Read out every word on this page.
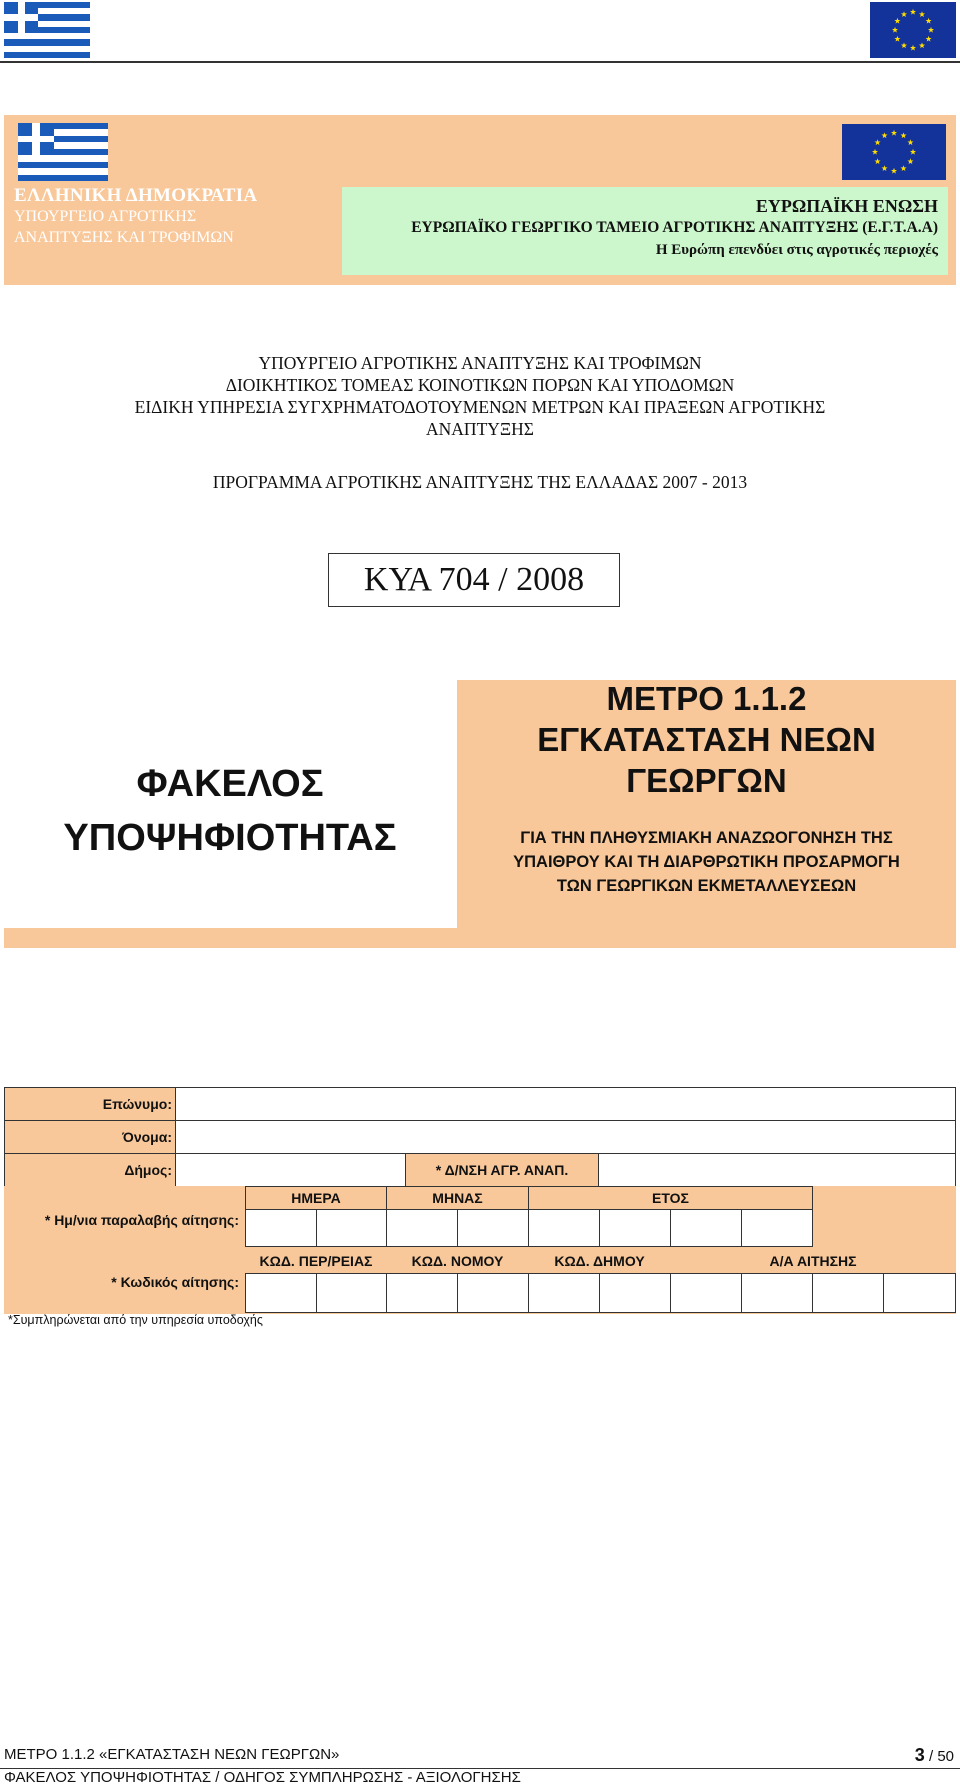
ΕΛΛΗΝΙΚΗ ΔΗΜΟΚΡΑΤΙΑ
ΥΠΟΥΡΓΕΙΟ ΑΓΡΟΤΙΚΗΣ
ΑΝΑΠΤΥΞΗΣ ΚΑΙ ΤΡΟΦΙΜΩΝ
ΕΥΡΩΠΑΪΚΗ ΕΝΩΣΗ
ΕΥΡΩΠΑΪΚΟ ΓΕΩΡΓΙΚΟ ΤΑΜΕΙΟ ΑΓΡΟΤΙΚΗΣ ΑΝΑΠΤΥΞΗΣ (Ε.Γ.Τ.Α.Α)
Η Ευρώπη επενδύει στις αγροτικές περιοχές
ΥΠΟΥΡΓΕΙΟ ΑΓΡΟΤΙΚΗΣ ΑΝΑΠΤΥΞΗΣ ΚΑΙ ΤΡΟΦΙΜΩΝ
ΔΙΟΙΚΗΤΙΚΟΣ ΤΟΜΕΑΣ ΚΟΙΝΟΤΙΚΩΝ ΠΟΡΩΝ ΚΑΙ ΥΠΟΔΟΜΩΝ
ΕΙΔΙΚΗ ΥΠΗΡΕΣΙΑ ΣΥΓΧΡΗΜΑΤΟΔΟΤΟΥΜΕΝΩΝ ΜΕΤΡΩΝ ΚΑΙ ΠΡΑΞΕΩΝ ΑΓΡΟΤΙΚΗΣ
ΑΝΑΠΤΥΞΗΣ
ΠΡΟΓΡΑΜΜΑ ΑΓΡΟΤΙΚΗΣ ΑΝΑΠΤΥΞΗΣ ΤΗΣ ΕΛΛΑΔΑΣ 2007 - 2013
ΚΥΑ 704 / 2008
ΦΑΚΕΛΟΣ
ΥΠΟΨΗΦΙΟΤΗΤΑΣ
ΜΕΤΡΟ 1.1.2
ΕΓΚΑΤΑΣΤΑΣΗ ΝΕΩΝ
ΓΕΩΡΓΩΝ
ΓΙΑ ΤΗΝ ΠΛΗΘΥΣΜΙΑΚΗ ΑΝΑΖΩΟΓΟΝΗΣΗ ΤΗΣ
ΥΠΑΙΘΡΟΥ ΚΑΙ ΤΗ ΔΙΑΡΘΡΩΤΙΚΗ ΠΡΟΣΑΡΜΟΓΗ
ΤΩΝ ΓΕΩΡΓΙΚΩΝ ΕΚΜΕΤΑΛΛΕΥΣΕΩΝ
Επώνυμο:
Όνομα:
Δήμος:	* Δ/ΝΣΗ ΑΓΡ. ΑΝΑΠ.
* Ημ/νια παραλαβής αίτησης:
ΗΜΕΡΑ	ΜΗΝΑΣ	ΕΤΟΣ
* Κωδικός αίτησης:
ΚΩΔ. ΠΕΡ/ΡΕΙΑΣ	ΚΩΔ. ΝΟΜΟΥ	ΚΩΔ. ΔΗΜΟΥ	Α/Α ΑΙΤΗΣΗΣ
*Συμπληρώνεται από την υπηρεσία υποδοχής
ΜΕΤΡΟ 1.1.2 «ΕΓΚΑΤΑΣΤΑΣΗ ΝΕΩΝ ΓΕΩΡΓΩΝ»	3 / 50
ΦΑΚΕΛΟΣ ΥΠΟΨΗΦΙΟΤΗΤΑΣ / ΟΔΗΓΟΣ ΣΥΜΠΛΗΡΩΣΗΣ - ΑΞΙΟΛΟΓΗΣΗΣ
